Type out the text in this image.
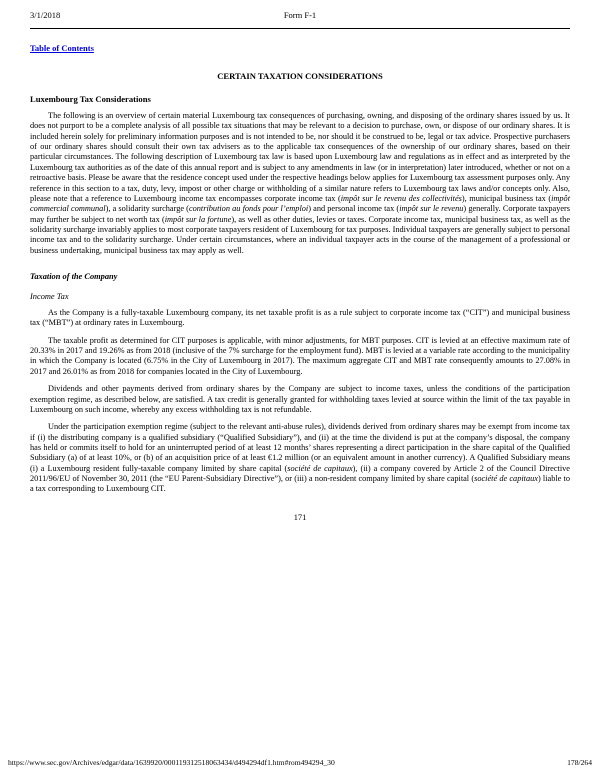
3/1/2018	Form F-1
Table of Contents
CERTAIN TAXATION CONSIDERATIONS
Luxembourg Tax Considerations

The following is an overview of certain material Luxembourg tax consequences of purchasing, owning, and disposing of the ordinary shares issued by us. It does not purport to be a complete analysis of all possible tax situations that may be relevant to a decision to purchase, own, or dispose of our ordinary shares. It is included herein solely for preliminary information purposes and is not intended to be, nor should it be construed to be, legal or tax advice. Prospective purchasers of our ordinary shares should consult their own tax advisers as to the applicable tax consequences of the ownership of our ordinary shares, based on their particular circumstances. The following description of Luxembourg tax law is based upon Luxembourg law and regulations as in effect and as interpreted by the Luxembourg tax authorities as of the date of this annual report and is subject to any amendments in law (or in interpretation) later introduced, whether or not on a retroactive basis. Please be aware that the residence concept used under the respective headings below applies for Luxembourg tax assessment purposes only. Any reference in this section to a tax, duty, levy, impost or other charge or withholding of a similar nature refers to Luxembourg tax laws and/or concepts only. Also, please note that a reference to Luxembourg income tax encompasses corporate income tax (impôt sur le revenu des collectivités), municipal business tax (impôt commercial communal), a solidarity surcharge (contribution au fonds pour l’emploi) and personal income tax (impôt sur le revenu) generally. Corporate taxpayers may further be subject to net worth tax (impôt sur la fortune), as well as other duties, levies or taxes. Corporate income tax, municipal business tax, as well as the solidarity surcharge invariably applies to most corporate taxpayers resident of Luxembourg for tax purposes. Individual taxpayers are generally subject to personal income tax and to the solidarity surcharge. Under certain circumstances, where an individual taxpayer acts in the course of the management of a professional or business undertaking, municipal business tax may apply as well.

Taxation of the Company
Income Tax

As the Company is a fully-taxable Luxembourg company, its net taxable profit is as a rule subject to corporate income tax (“CIT”) and municipal business tax (“MBT”) at ordinary rates in Luxembourg.

The taxable profit as determined for CIT purposes is applicable, with minor adjustments, for MBT purposes. CIT is levied at an effective maximum rate of 20.33% in 2017 and 19.26% as from 2018 (inclusive of the 7% surcharge for the employment fund). MBT is levied at a variable rate according to the municipality in which the Company is located (6.75% in the City of Luxembourg in 2017). The maximum aggregate CIT and MBT rate consequently amounts to 27.08% in 2017 and 26.01% as from 2018 for companies located in the City of Luxembourg.

Dividends and other payments derived from ordinary shares by the Company are subject to income taxes, unless the conditions of the participation exemption regime, as described below, are satisfied. A tax credit is generally granted for withholding taxes levied at source within the limit of the tax payable in Luxembourg on such income, whereby any excess withholding tax is not refundable.

Under the participation exemption regime (subject to the relevant anti-abuse rules), dividends derived from ordinary shares may be exempt from income tax if (i) the distributing company is a qualified subsidiary (“Qualified Subsidiary”), and (ii) at the time the dividend is put at the company’s disposal, the company has held or commits itself to hold for an uninterrupted period of at least 12 months’ shares representing a direct participation in the share capital of the Qualified Subsidiary (a) of at least 10%, or (b) of an acquisition price of at least €1.2 million (or an equivalent amount in another currency). A Qualified Subsidiary means (i) a Luxembourg resident fully-taxable company limited by share capital (société de capitaux), (ii) a company covered by Article 2 of the Council Directive 2011/96/EU of November 30, 2011 (the “EU Parent-Subsidiary Directive”), or (iii) a non-resident company limited by share capital (société de capitaux) liable to a tax corresponding to Luxembourg CIT.

171
https://www.sec.gov/Archives/edgar/data/1639920/000119312518063434/d494294df1.htm#rom494294_30	178/264
